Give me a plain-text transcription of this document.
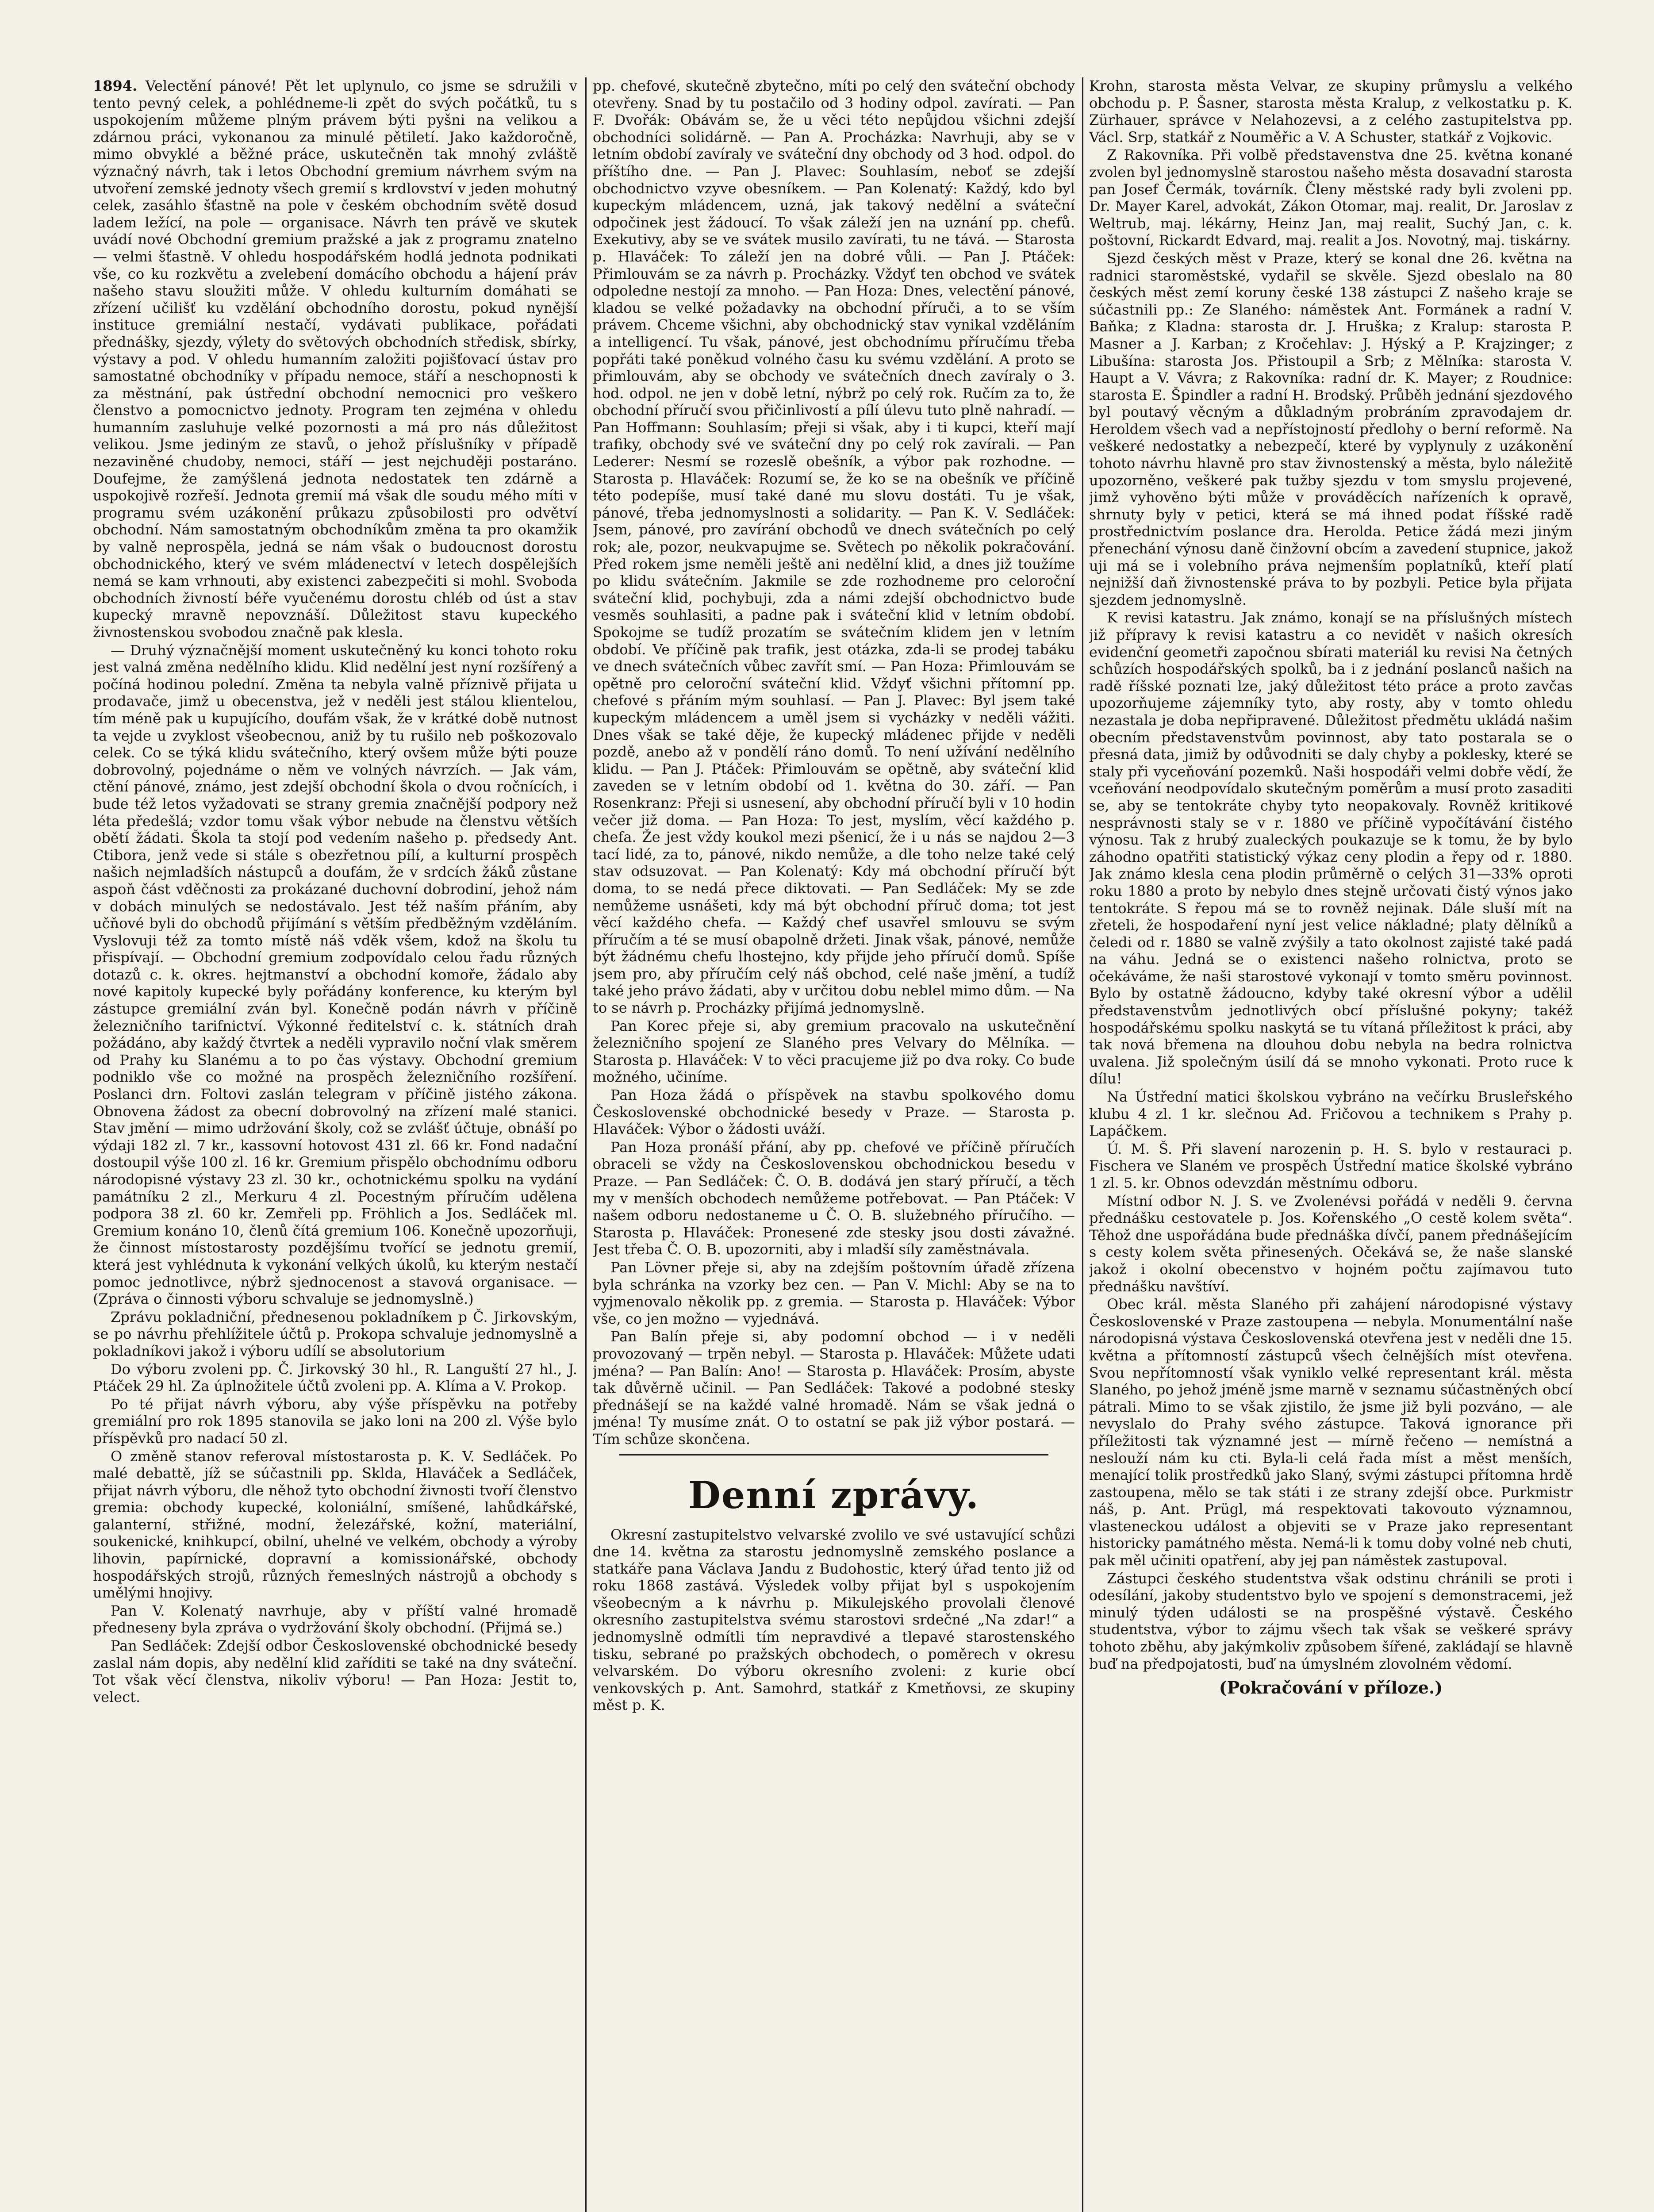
1894. Velectění pánové! Pět let uplynulo, co jsme se sdružili v tento pevný celek, a pohlédneme-li zpět do svých počátků, tu s uspokojením můžeme plným právem býti pyšni na velikou a zdárnou práci, vykonanou za minulé pětiletí. Jako každoročně, mimo obvyklé a běžné práce, uskutečněn tak mnohý zvláště význačný návrh, tak i letos Obchodní gremium návrhem svým na utvoření zemské jednoty všech gremií s krdlovství v jeden mohutný celek, zasáhlo šťastně na pole v českém obchodním světě dosud ladem ležící, na pole — organisace. Návrh ten právě ve skutek uvádí nové Obchodní gremium pražské a jak z programu znatelno — velmi šťastně. V ohledu hospodářském hodlá jednota podnikati vše, co ku rozkvětu a zvelebení domácího obchodu a hájení práv našeho stavu sloužiti může. V ohledu kulturním domáhati se zřízení učilišť ku vzdělání obchodního dorostu, pokud nynější instituce gremiální nestačí, vydávati publikace, pořádati přednášky, sjezdy, výlety do světových obchodních středisk, sbírky, výstavy a pod. V ohledu humanním založiti pojišťovací ústav pro samostatné obchodníky v případu nemoce, stáří a neschopnosti k za městnání, pak ústřední obchodní nemocnici pro veškero členstvo a pomocnictvo jednoty. Program ten zejména v ohledu humanním zasluhuje velké pozornosti a má pro nás důležitost velikou. Jsme jediným ze stavů, o jehož příslušníky v případě nezaviněné chudoby, nemoci, stáří — jest nejchuději postaráno. Doufejme, že zamýšlená jednota nedostatek ten zdárně a uspokojivě rozřeší. Jednota gremií má však dle soudu mého míti v programu svém uzákonění průkazu způsobilosti pro odvětví obchodní. Nám samostatným obchodníkům změna ta pro okamžik by valně neprospěla, jedná se nám však o budoucnost dorostu obchodnického, který ve svém mládenectví v letech dospělejších nemá se kam vrhnouti, aby existenci zabezpečiti si mohl. Svoboda obchodních živností béře vyučenému dorostu chléb od úst a stav kupecký mravně nepovznáší. Důležitost stavu kupeckého živnostenskou svobodou značně pak klesla.

— Druhý význačnější moment uskutečněný ku konci tohoto roku jest valná změna nedělního klidu. Klid nedělní jest nyní rozšířený a počíná hodinou polední. Změna ta nebyla valně příznivě přijata u prodavače, jimž u obecenstva, jež v neděli jest stálou klientelou, tím méně pak u kupujícího, doufám však, že v krátké době nutnost ta vejde u zvyklost všeobecnou, aniž by tu rušilo neb poškozovalo celek. Co se týká klidu svátečního, který ovšem může býti pouze dobrovolný, pojednáme o něm ve volných návrzích. — Jak vám, ctění pánové, známo, jest zdejší obchodní škola o dvou ročnících, i bude též letos vyžadovati se strany gremia značnější podpory než léta předešlá; vzdor tomu však výbor nebude na členstvu větších obětí žádati. Škola ta stojí pod vedením našeho p. předsedy Ant. Ctibora, jenž vede si stále s obezřetnou pílí, a kulturní prospěch našich nejmladších nástupců a doufám, že v srdcích žáků zůstane aspoň část vděčnosti za prokázané duchovní dobrodiní, jehož nám v dobách minulých se nedostávalo. Jest též naším přáním, aby učňové byli do obchodů přijímání s větším předběžným vzděláním. Vyslovuji též za tomto místě náš vděk všem, kdož na školu tu přispívají. — Obchodní gremium zodpovídalo celou řadu různých dotazů c. k. okres. hejtmanství a obchodní komoře, žádalo aby nové kapitoly kupecké byly pořádány konference, ku kterým byl zástupce gremiální zván byl. Konečně podán návrh v příčině železničního tarifnictví. Výkonné ředitelství c. k. státních drah požádáno, aby každý čtvrtek a neděli vypravilo noční vlak směrem od Prahy ku Slanému a to po čas výstavy. Obchodní gremium podniklo vše co možné na prospěch železničního rozšíření. Poslanci drn. Foltovi zaslán telegram v příčině jistého zákona. Obnovena žádost za obecní dobrovolný na zřízení malé stanici. Stav jmění — mimo udržování školy, což se zvlášť účtuje, obnáší po výdaji 182 zl. 7 kr., kassovní hotovost 431 zl. 66 kr. Fond nadační dostoupil výše 100 zl. 16 kr. Gremium přispělo obchodnímu odboru národopisné výstavy 23 zl. 30 kr., ochotnickému spolku na vydání památníku 2 zl., Merkuru 4 zl. Pocestným příručím udělena podpora 38 zl. 60 kr. Zemřeli pp. Fröhlich a Jos. Sedláček ml. Gremium konáno 10, členů čítá gremium 106. Konečně upozorňuji, že činnost místostarosty pozdějšímu tvořící se jednotu gremií, která jest vyhlédnuta k vykonání velkých úkolů, ku kterým nestačí pomoc jednotlivce, nýbrž sjednocenost a stavová organisace. — (Zpráva o činnosti výboru schvaluje se jednomyslně.)

Zprávu pokladniční, přednesenou pokladníkem p Č. Jirkovským, se po návrhu přehlížitele účtů p. Prokopa schvaluje jednomyslně a pokladníkovi jakož i výboru udílí se absolutorium

Do výboru zvoleni pp. Č. Jirkovský 30 hl., R. Languští 27 hl., J. Ptáček 29 hl. Za úplnožitele účtů zvoleni pp. A. Klíma a V. Prokop.

Po té přijat návrh výboru, aby výše příspěvku na potřeby gremiální pro rok 1895 stanovila se jako loni na 200 zl. Výše bylo příspěvků pro nadací 50 zl.

O změně stanov referoval místostarosta p. K. V. Sedláček. Po malé debattě, jíž se súčastnili pp. Sklda, Hlaváček a Sedláček, přijat návrh výboru, dle něhož tyto obchodní živnosti tvoří členstvo gremia: obchody kupecké, koloniální, smíšené, lahůdkářské, galanterní, střižné, modní, železářské, kožní, materiální, soukenické, knihkupcí, obilní, uhelné ve velkém, obchody a výroby lihovin, papírnické, dopravní a komissionářské, obchody hospodářských strojů, různých řemeslných nástrojů a obchody s umělými hnojivy.

Pan V. Kolenatý navrhuje, aby v příští valné hromadě předneseny byla zpráva o vydržování školy obchodní. (Přijmá se.)

Pan Sedláček: Zdejší odbor Československé obchodnické besedy zaslal nám dopis, aby nedělní klid zaříditi se také na dny sváteční. Tot však věcí členstva, nikoliv výboru! — Pan Hoza: Jestit to, velect.

pp. chefové, skutečně zbytečno, míti po celý den sváteční obchody otevřeny. Snad by tu postačilo od 3 hodiny odpol. zavírati. — Pan F. Dvořák: Obávám se, že u věci této nepůjdou všichni zdejší obchodníci solidárně. — Pan A. Procházka: Navrhuji, aby se v letním období zavíraly ve sváteční dny obchody od 3 hod. odpol. do příštího dne. — Pan J. Plavec: Souhlasím, neboť se zdejší obchodnictvo vzyve obesníkem. — Pan Kolenatý: Každý, kdo byl kupeckým mládencem, uzná, jak takový nedělní a sváteční odpočinek jest žádoucí. To však záleží jen na uznání pp. chefů. Exekutivy, aby se ve svátek musilo zavírati, tu ne tává. — Starosta p. Hlaváček: To záleží jen na dobré vůli. — Pan J. Ptáček: Přimlouvám se za návrh p. Procházky. Vždyť ten obchod ve svátek odpoledne nestojí za mnoho. — Pan Hoza: Dnes, velectění pánové, kladou se velké požadavky na obchodní příruči, a to se vším právem. Chceme všichni, aby obchodnický stav vynikal vzděláním a intelligencí. Tu však, pánové, jest obchodnímu příručímu třeba popřáti také poněkud volného času ku svému vzdělání. A proto se přimlouvám, aby se obchody ve svátečních dnech zavíraly o 3. hod. odpol. ne jen v době letní, nýbrž po celý rok. Ručím za to, že obchodní příručí svou přičinlivostí a pílí úlevu tuto plně nahradí. — Pan Hoffmann: Souhlasím; přeji si však, aby i ti kupci, kteří mají trafiky, obchody své ve sváteční dny po celý rok zavírali. — Pan Lederer: Nesmí se rozeslě obešník, a výbor pak rozhodne. — Starosta p. Hlaváček: Rozumí se, že ko se na obešník ve příčině této podepíše, musí také dané mu slovu dostáti. Tu je však, pánové, třeba jednomyslnosti a solidarity. — Pan K. V. Sedláček: Jsem, pánové, pro zavírání obchodů ve dnech svátečních po celý rok; ale, pozor, neukvapujme se. Světech po několik pokračování. Před rokem jsme neměli ještě ani nedělní klid, a dnes již toužíme po klidu svátečním. Jakmile se zde rozhodneme pro celoroční sváteční klid, pochybuji, zda a námi zdejší obchodnictvo bude vesměs souhlasiti, a padne pak i sváteční klid v letním období. Spokojme se tudíž prozatím se svátečním klidem jen v letním období. Ve příčině pak trafik, jest otázka, zda-li se prodej tabáku ve dnech svátečních vůbec zavřít smí. — Pan Hoza: Přimlouvám se opětně pro celoroční sváteční klid. Vždyť všichni přítomní pp. chefové s přáním mým souhlasí. — Pan J. Plavec: Byl jsem také kupeckým mládencem a uměl jsem si vycházky v neděli vážiti. Dnes však se také děje, že kupecký mládenec přijde v neděli pozdě, anebo až v pondělí ráno domů. To není užívání nedělního klidu. — Pan J. Ptáček: Přimlouvám se opětně, aby sváteční klid zaveden se v letním období od 1. května do 30. září. — Pan Rosenkranz: Přeji si usnesení, aby obchodní příručí byli v 10 hodin večer již doma. — Pan Hoza: To jest, myslím, věcí každého p. chefa. Že jest vždy koukol mezi pšenicí, že i u nás se najdou 2—3 tací lidé, za to, pánové, nikdo nemůže, a dle toho nelze také celý stav odsuzovat. — Pan Kolenatý: Kdy má obchodní příručí být doma, to se nedá přece diktovati. — Pan Sedláček: My se zde nemůžeme usnášeti, kdy má být obchodní příruč doma; tot jest věcí každého chefa. — Každý chef usavřel smlouvu se svým příručím a té se musí obapolně držeti. Jinak však, pánové, nemůže být žádnému chefu lhostejno, kdy přijde jeho příručí domů. Spíše jsem pro, aby příručím celý náš obchod, celé naše jmění, a tudíž také jeho právo žádati, aby v určitou dobu neblel mimo dům. — Na to se návrh p. Procházky přijímá jednomyslně.

Pan Korec přeje si, aby gremium pracovalo na uskutečnění železničního spojení ze Slaného pres Velvary do Mělníka. — Starosta p. Hlaváček: V to věci pracujeme již po dva roky. Co bude možného, učiníme.

Pan Hoza žádá o příspěvek na stavbu spolkového domu Československé obchodnické besedy v Praze. — Starosta p. Hlaváček: Výbor o žádosti uváží.

Pan Hoza pronáší přání, aby pp. chefové ve příčině příručích obraceli se vždy na Československou obchodnickou besedu v Praze. — Pan Sedláček: Č. O. B. dodává jen starý příručí, a těch my v menších obchodech nemůžeme potřebovat. — Pan Ptáček: V našem odboru nedostaneme u Č. O. B. služebného příručího. — Starosta p. Hlaváček: Pronesené zde stesky jsou dosti závažné. Jest třeba Č. O. B. upozorniti, aby i mladší síly zaměstnávala.

Pan Lövner přeje si, aby na zdejším poštovním úřadě zřízena byla schránka na vzorky bez cen. — Pan V. Michl: Aby se na to vyjmenovalo několik pp. z gremia. — Starosta p. Hlaváček: Výbor vše, co jen možno — vyjednává.

Pan Balín přeje si, aby podomní obchod — i v neděli provozovaný — trpěn nebyl. — Starosta p. Hlaváček: Můžete udati jména? — Pan Balín: Ano! — Starosta p. Hlaváček: Prosím, abyste tak důvěrně učinil. — Pan Sedláček: Takové a podobné stesky přednášejí se na každé valné hromadě. Nám se však jedná o jména! Ty musíme znát. O to ostatní se pak již výbor postará. — Tím schůze skončena.

Denní zprávy.

Okresní zastupitelstvo velvarské zvolilo ve své ustavující schůzi dne 14. května za starostu jednomyslně zemského poslance a statkáře pana Václava Jandu z Budohostic, který úřad tento již od roku 1868 zastává. Výsledek volby přijat byl s uspokojením všeobecným a k návrhu p. Mikulejského provolali členové okresního zastupitelstva svému starostovi srdečné „Na zdar!“ a jednomyslně odmítli tím nepravdivé a tlepavé starostenského tisku, sebrané po pražských obchodech, o poměrech v okresu velvarském. Do výboru okresního zvoleni: z kurie obcí venkovských p. Ant. Samohrd, statkář z Kmetňovsi, ze skupiny měst p. K.

Krohn, starosta města Velvar, ze skupiny průmyslu a velkého obchodu p. P. Šasner, starosta města Kralup, z velkostatku p. K. Zürhauer, správce v Nelahozevsi, a z celého zastupitelstva pp. Václ. Srp, statkář z Nouměřic a V. A Schuster, statkář z Vojkovic.

Z Rakovníka. Při volbě představenstva dne 25. května konané zvolen byl jednomyslně starostou našeho města dosavadní starosta pan Josef Čermák, továrník. Členy městské rady byli zvoleni pp. Dr. Mayer Karel, advokát, Zákon Otomar, maj. realit, Dr. Jaroslav z Weltrub, maj. lékárny, Heinz Jan, maj realit, Suchý Jan, c. k. poštovní, Rickardt Edvard, maj. realit a Jos. Novotný, maj. tiskárny.

Sjezd českých měst v Praze, který se konal dne 26. května na radnici staroměstské, vydařil se skvěle. Sjezd obeslalo na 80 českých měst zemí koruny české 138 zástupci Z našeho kraje se súčastnili pp.: Ze Slaného: náměstek Ant. Formánek a radní V. Baňka; z Kladna: starosta dr. J. Hruška; z Kralup: starosta P. Masner a J. Karban; z Kročehlav: J. Hýský a P. Krajzinger; z Libušína: starosta Jos. Přistoupil a Srb; z Mělníka: starosta V. Haupt a V. Vávra; z Rakovníka: radní dr. K. Mayer; z Roudnice: starosta E. Špindler a radní H. Brodský. Průběh jednání sjezdového byl poutavý věcným a důkladným probráním zpravodajem dr. Heroldem všech vad a nepřístojností předlohy o berní reformě. Na veškeré nedostatky a nebezpečí, které by vyplynuly z uzákonění tohoto návrhu hlavně pro stav živnostenský a města, bylo náležitě upozorněno, veškeré pak tužby sjezdu v tom smyslu projevené, jimž vyhověno býti může v prováděcích nařízeních k opravě, shrnuty byly v petici, která se má ihned podat říšské radě prostřednictvím poslance dra. Herolda. Petice žádá mezi jiným přenechání výnosu daně činžovní obcím a zavedení stupnice, jakož uji má se i volebního práva nejmenším poplatníků, kteří platí nejnižší daň živnostenské práva to by pozbyli. Petice byla přijata sjezdem jednomyslně.

K revisi katastru. Jak známo, konají se na příslušných místech již přípravy k revisi katastru a co nevidět v našich okresích evidenční geometři započnou sbírati materiál ku revisi Na četných schůzích hospodářských spolků, ba i z jednání poslanců našich na radě říšské poznati lze, jaký důležitost této práce a proto zavčas upozorňujeme zájemníky tyto, aby rosty, aby v tomto ohledu nezastala je doba nepřipravené. Důležitost předmětu ukládá našim obecním představenstvům povinnost, aby tato postarala se o přesná data, jimiž by odůvodniti se daly chyby a poklesky, které se staly při vyceňování pozemků. Naši hospodáři velmi dobře vědí, že vceňování neodpovídalo skutečným poměrům a musí proto zasaditi se, aby se tentokráte chyby tyto neopakovaly. Rovněž kritikové nesprávnosti staly se v r. 1880 ve příčině vypočítávání čistého výnosu. Tak z hrubý zualeckých poukazuje se k tomu, že by bylo záhodno opatřiti statistický výkaz ceny plodin a řepy od r. 1880. Jak známo klesla cena plodin průměrně o celých 31—33% oproti roku 1880 a proto by nebylo dnes stejně určovati čistý výnos jako tentokráte. S řepou má se to rovněž nejinak. Dále sluší mít na zřeteli, že hospodaření nyní jest velice nákladné; platy dělníků a čeledi od r. 1880 se valně zvýšily a tato okolnost zajisté také padá na váhu. Jedná se o existenci našeho rolnictva, proto se očekáváme, že naši starostové vykonají v tomto směru povinnost. Bylo by ostatně žádoucno, kdyby také okresní výbor a udělil představenstvům jednotlivých obcí příslušné pokyny; takéž hospodářskému spolku naskytá se tu vítaná příležitost k práci, aby tak nová břemena na dlouhou dobu nebyla na bedra rolnictva uvalena. Již společným úsilí dá se mnoho vykonati. Proto ruce k dílu!

Na Ústřední matici školskou vybráno na večírku Brusleřského klubu 4 zl. 1 kr. slečnou Ad. Fričovou a technikem s Prahy p. Lapáčkem.

Ú. M. Š. Při slavení narozenin p. H. S. bylo v restauraci p. Fischera ve Slaném ve prospěch Ústřední matice školské vybráno 1 zl. 5. kr. Obnos odevzdán městnímu odboru.

Místní odbor N. J. S. ve Zvolenévsi pořádá v neděli 9. června přednášku cestovatele p. Jos. Kořenského „O cestě kolem světa“. Těhož dne uspořádána bude přednáška dívčí, panem přednášejícím s cesty kolem světa přinesených. Očekává se, že naše slanské jakož i okolní obecenstvo v hojném počtu zajímavou tuto přednášku navštíví.

Obec král. města Slaného při zahájení národopisné výstavy Československé v Praze zastoupena — nebyla. Monumentální naše národopisná výstava Československá otevřena jest v neděli dne 15. května a přítomností zástupců všech čelnějších míst otevřena. Svou nepřítomností však vyniklo velké representant král. města Slaného, po jehož jméně jsme marně v seznamu súčastněných obcí pátrali. Mimo to se však zjistilo, že jsme již byli pozváno, — ale nevyslalo do Prahy svého zástupce. Taková ignorance při příležitosti tak významné jest — mírně řečeno — nemístná a neslouží nám ku cti. Byla-li celá řada míst a měst menších, menající tolik prostředků jako Slaný, svými zástupci přítomna hrdě zastoupena, mělo se tak státi i ze strany zdejší obce. Purkmistr náš, p. Ant. Prügl, má respektovati takovouto významnou, vlasteneckou událost a objeviti se v Praze jako representant historicky památného města. Nemá-li k tomu doby volné neb chuti, pak měl učiniti opatření, aby jej pan náměstek zastupoval.

Zástupci českého studentstva však odstinu chránili se proti i odesílání, jakoby studentstvo bylo ve spojení s demonstracemi, jež minulý týden události se na prospěšné výstavě. Českého studentstva, výbor to zájmu všech tak však se veškeré správy tohoto zběhu, aby jakýmkoliv způsobem šířené, zakládají se hlavně buď na předpojatosti, buď na úmyslném zlovolném vědomí.

(Pokračování v příloze.)
